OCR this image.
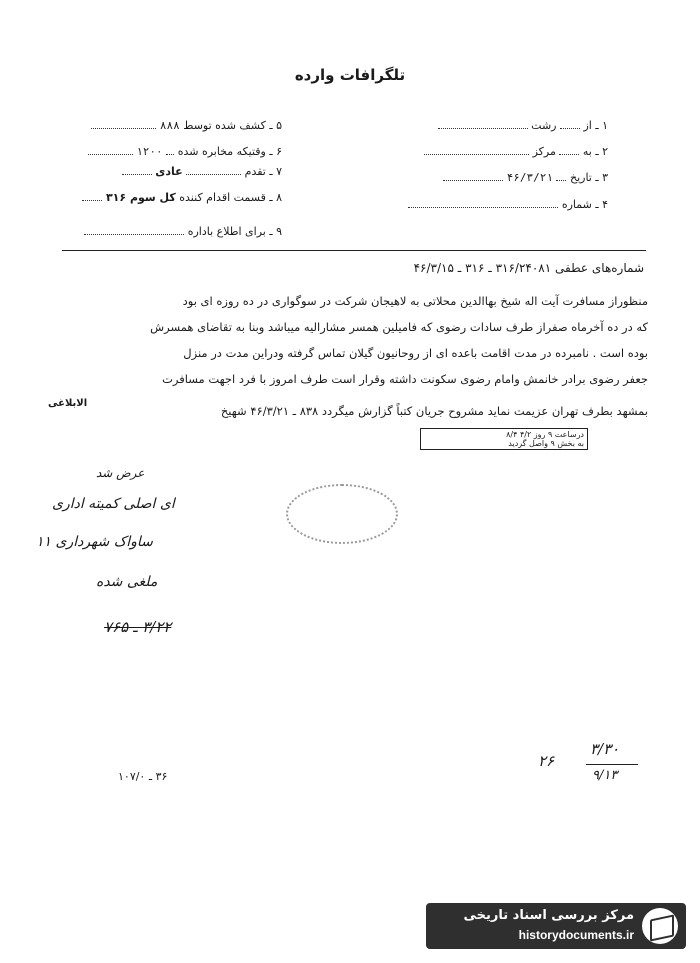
تلگرافات وارده
۱ ـ از  رشت
۲ ـ به  مرکز
۳ ـ تاریخ  ۴۶/۳/۲۱
۴ ـ شماره
۵ ـ کشف شده توسط ۸۸۸
۶ ـ وقتیکه مخابره شده  ۱۲۰۰
۷ ـ تقدم  عادی
۸ ـ قسمت اقدام کننده کل سوم ۳۱۶
۹ ـ برای اطلاع باداره
شماره‌های عطفی ۳۱۶/۲۴۰۸۱ ـ ۳۱۶ ـ ۴۶/۳/۱۵
منظوراز مسافرت آیت اله شیخ بهاالدین محلاتی به لاهیجان شرکت در سوگواری در ده روزه ای بود
که در ده آخرماه صفراز طرف سادات رضوی که فامیلین همسر مشارالیه میباشد وبنا به تقاضای همسرش
بوده است . نامبرده در مدت اقامت باعده ای از روحانیون گیلان تماس گرفته ودراین مدت در منزل
جعفر رضوی برادر خانمش وامام رضوی سکونت داشته وقرار است طرف امروز با فرد اجهت مسافرت
بمشهد بطرف تهران عزیمت نماید مشروح جریان کتباً گزارش میگردد ۸۳۸ ـ ۴۶/۳/۲۱ شهیخ
الابلاغی
درساعت ۹ روز ۴/۲ ۸/۴
به بخش ۹ واصل گردید
عرض شد
ای اصلی کمیته اداری
ساواک شهرداری ۱۱
ملغی شده
۳/۲۲ ـ ۷۶۵
۳/۳۰
۹/۱۳
۲۶
۳۶ ـ ۱۰۷/۰
مرکز بررسی اسناد تاریخی
historydocuments.ir
